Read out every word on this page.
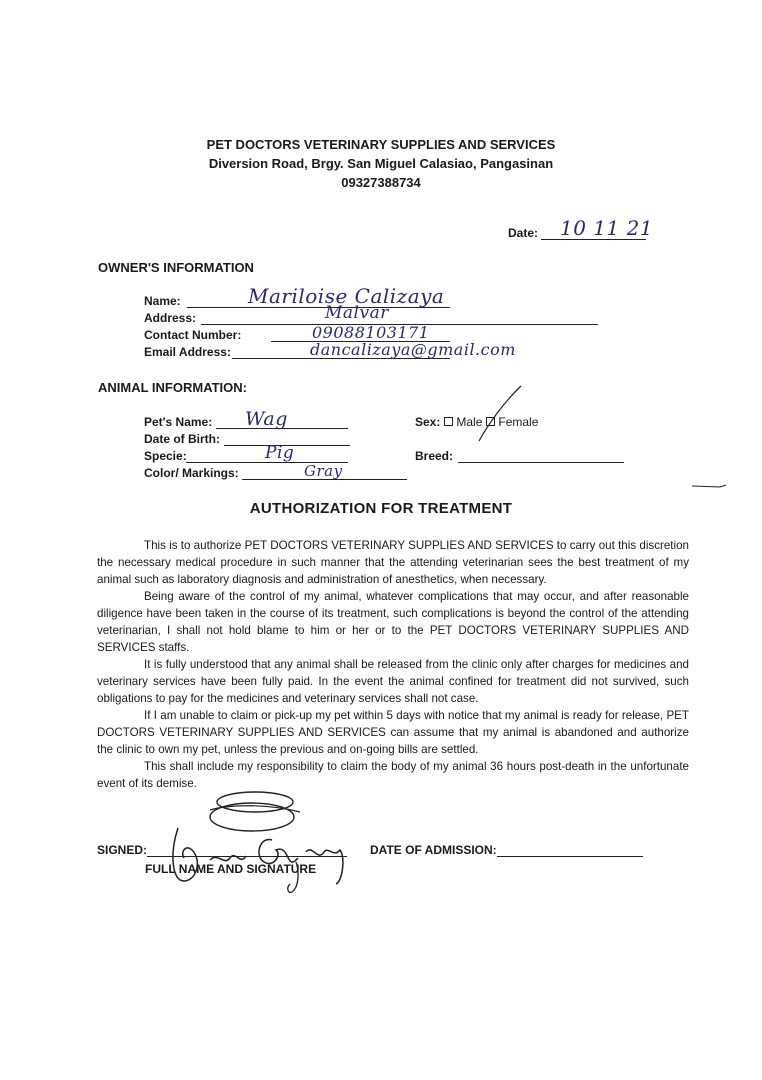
PET DOCTORS VETERINARY SUPPLIES AND SERVICES
Diversion Road, Brgy. San Miguel Calasiao, Pangasinan
09327388734
Date: 10 11 21
OWNER'S INFORMATION
Name:	Mariloise Calizaya
Address:	Malvar
Contact Number:	09088103171
Email Address:	dancalizaya@gmail.com
ANIMAL INFORMATION:
Pet's Name: Wag
Date of Birth:
Specie:	Pig
Color/ Markings:	Gray
Sex: Male Female
Breed:
AUTHORIZATION FOR TREATMENT

This is to authorize PET DOCTORS VETERINARY SUPPLIES AND SERVICES to carry out this discretion the necessary medical procedure in such manner that the attending veterinarian sees the best treatment of my animal such as laboratory diagnosis and administration of anesthetics, when necessary.

Being aware of the control of my animal, whatever complications that may occur, and after reasonable diligence have been taken in the course of its treatment, such complications is beyond the control of the attending veterinarian, I shall not hold blame to him or her or to the PET DOCTORS VETERINARY SUPPLIES AND SERVICES staffs.

It is fully understood that any animal shall be released from the clinic only after charges for medicines and veterinary services have been fully paid. In the event the animal confined for treatment did not survived, such obligations to pay for the medicines and veterinary services shall not case.

If I am unable to claim or pick-up my pet within 5 days with notice that my animal is ready for release, PET DOCTORS VETERINARY SUPPLIES AND SERVICES can assume that my animal is abandoned and authorize the clinic to own my pet, unless the previous and on-going bills are settled.

This shall include my responsibility to claim the body of my animal 36 hours post-death in the unfortunate event of its demise.

SIGNED:
FULL NAME AND SIGNATURE
DATE OF ADMISSION:
